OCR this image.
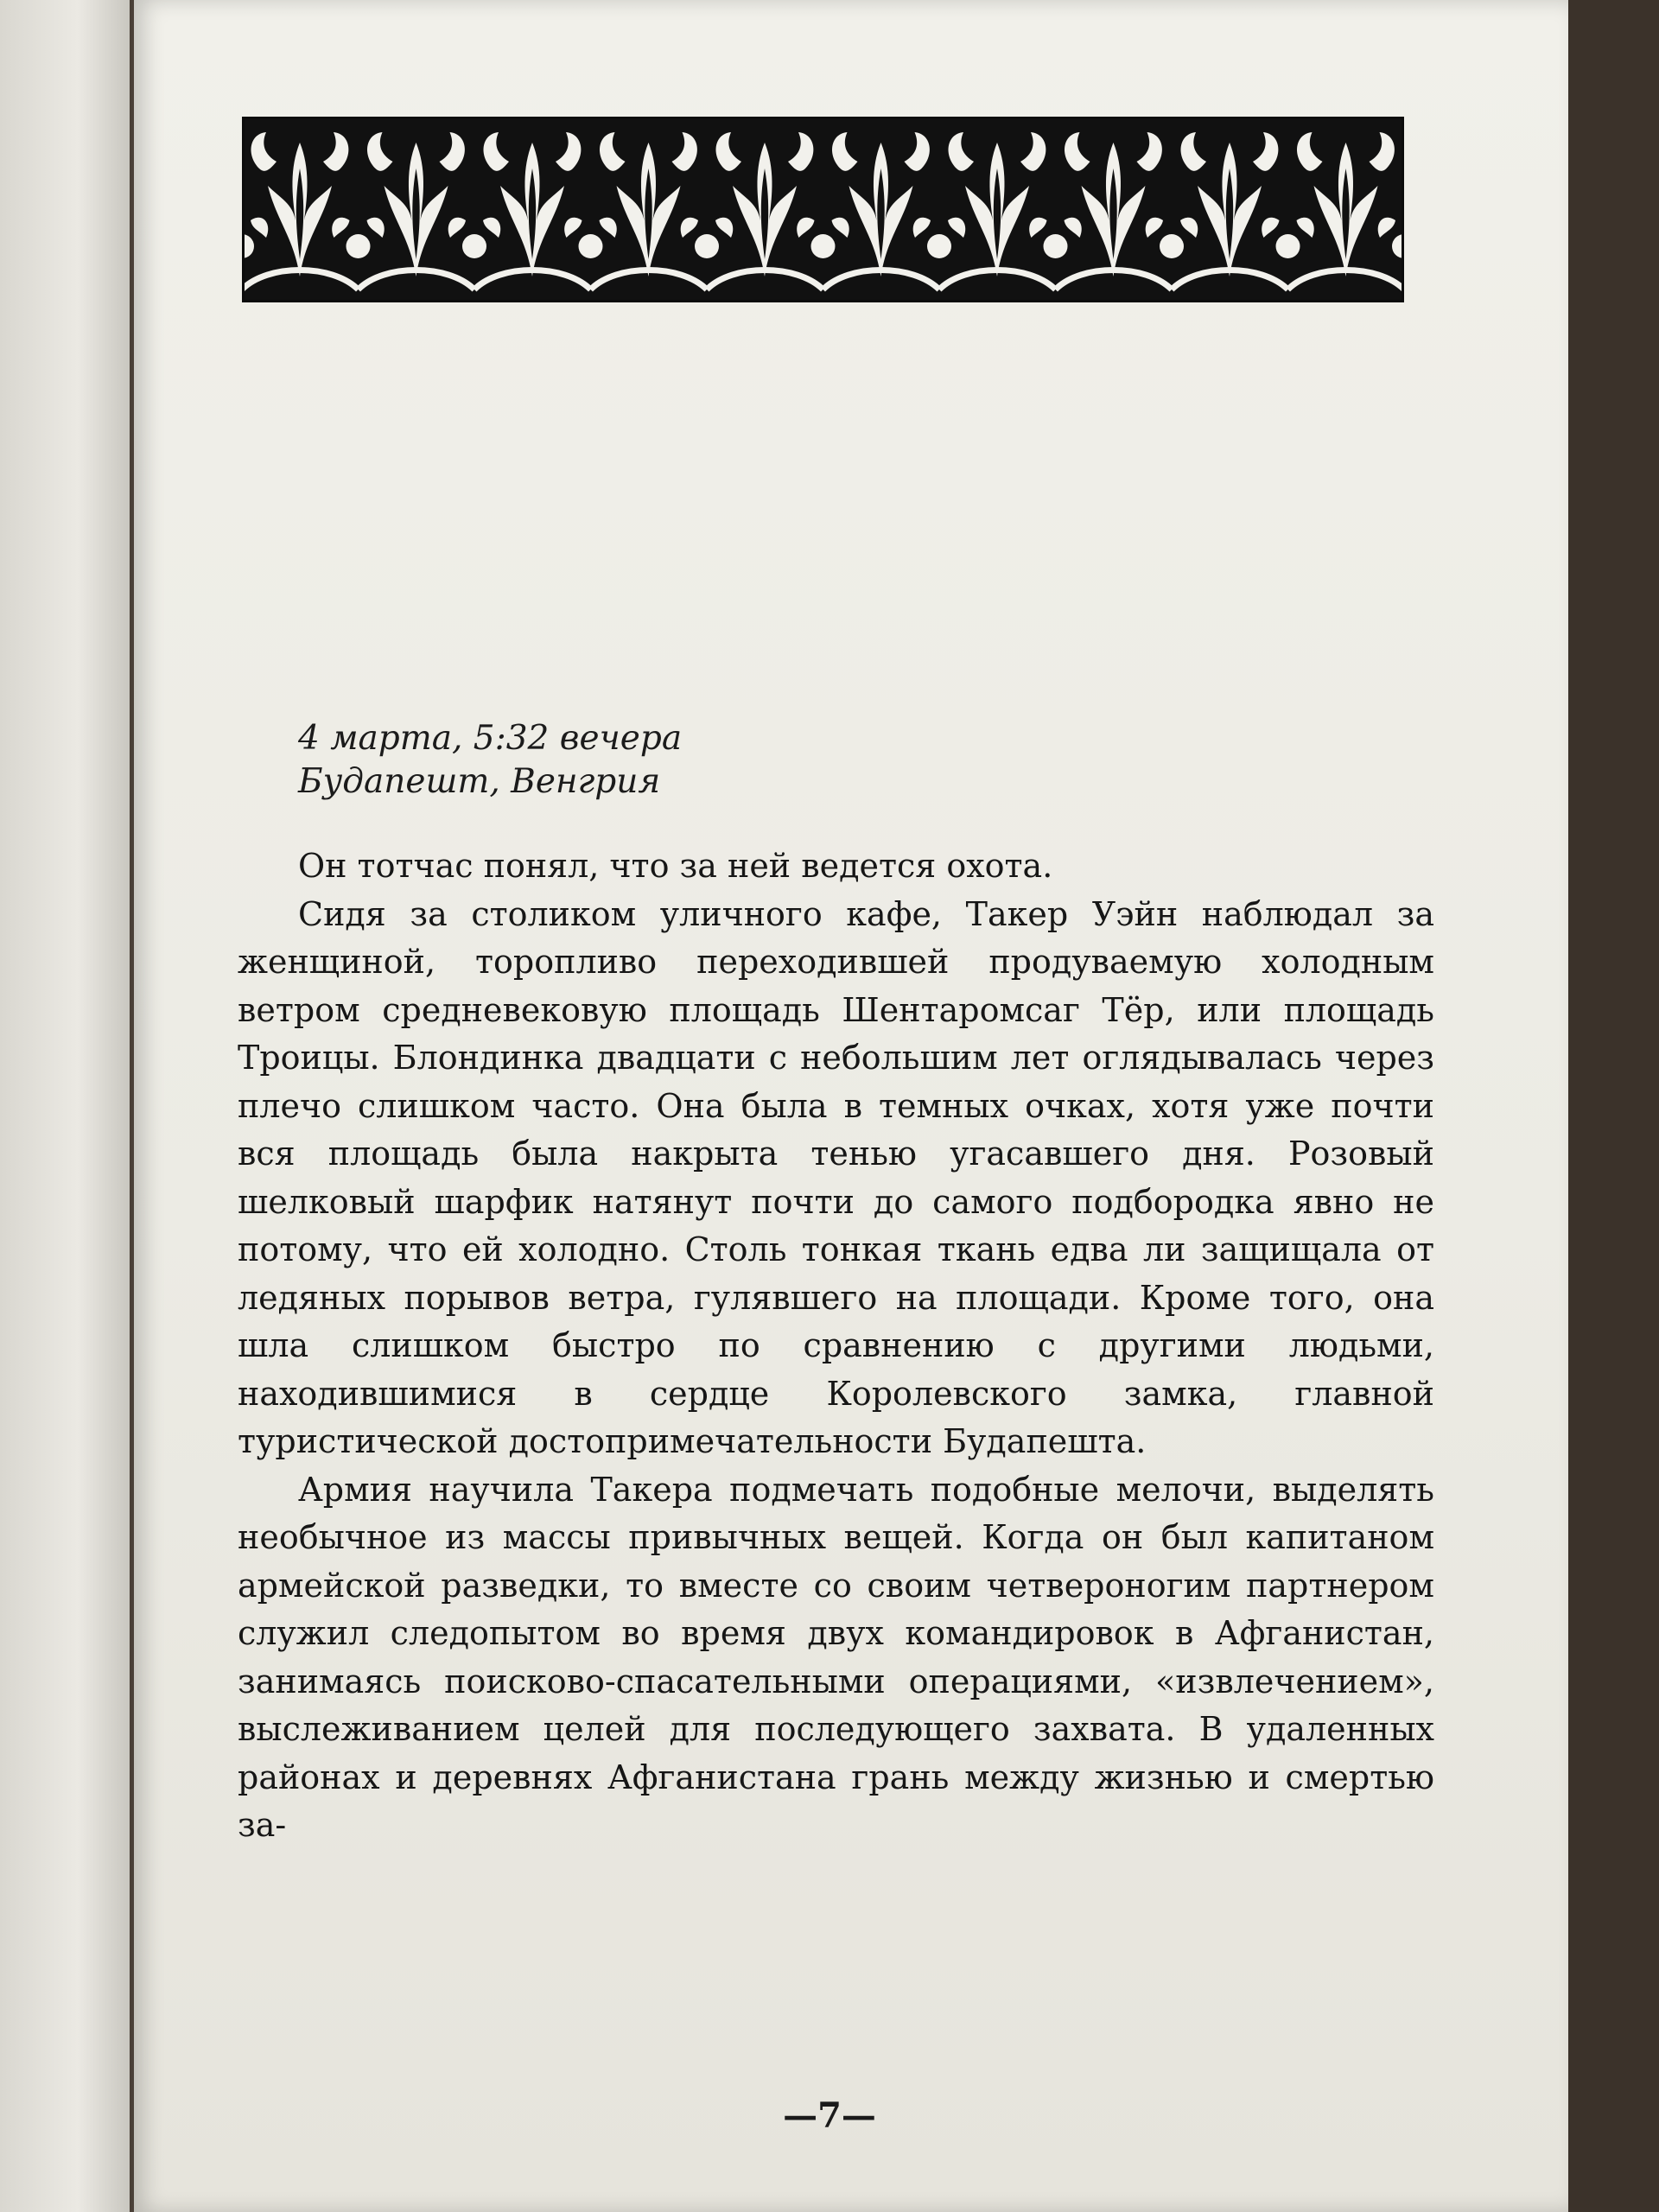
4 марта, 5:32 вечера
Будапешт, Венгрия

Он тотчас понял, что за ней ведется охота.

Сидя за столиком уличного кафе, Такер Уэйн наблюдал за женщиной, торопливо переходившей продуваемую холодным ветром средневековую площадь Шентаромсаг Тёр, или площадь Троицы. Блондинка двадцати с небольшим лет оглядывалась через плечо слишком часто. Она была в темных очках, хотя уже почти вся площадь была накрыта тенью угасавшего дня. Розовый шелковый шарфик натянут почти до самого подбородка явно не потому, что ей холодно. Столь тонкая ткань едва ли защищала от ледяных порывов ветра, гулявшего на площади. Кроме того, она шла слишком быстро по сравнению с другими людьми, находившимися в сердце Королевского замка, главной туристической достопримечательности Будапешта.

Армия научила Такера подмечать подобные мелочи, выделять необычное из массы привычных вещей. Когда он был капитаном армейской разведки, то вместе со своим четвероногим партнером служил следопытом во время двух командировок в Афганистан, занимаясь поисково-спасательными операциями, «извлечением», выслеживанием целей для последующего захвата. В удаленных районах и деревнях Афганистана грань между жизнью и смертью за-

—7—
